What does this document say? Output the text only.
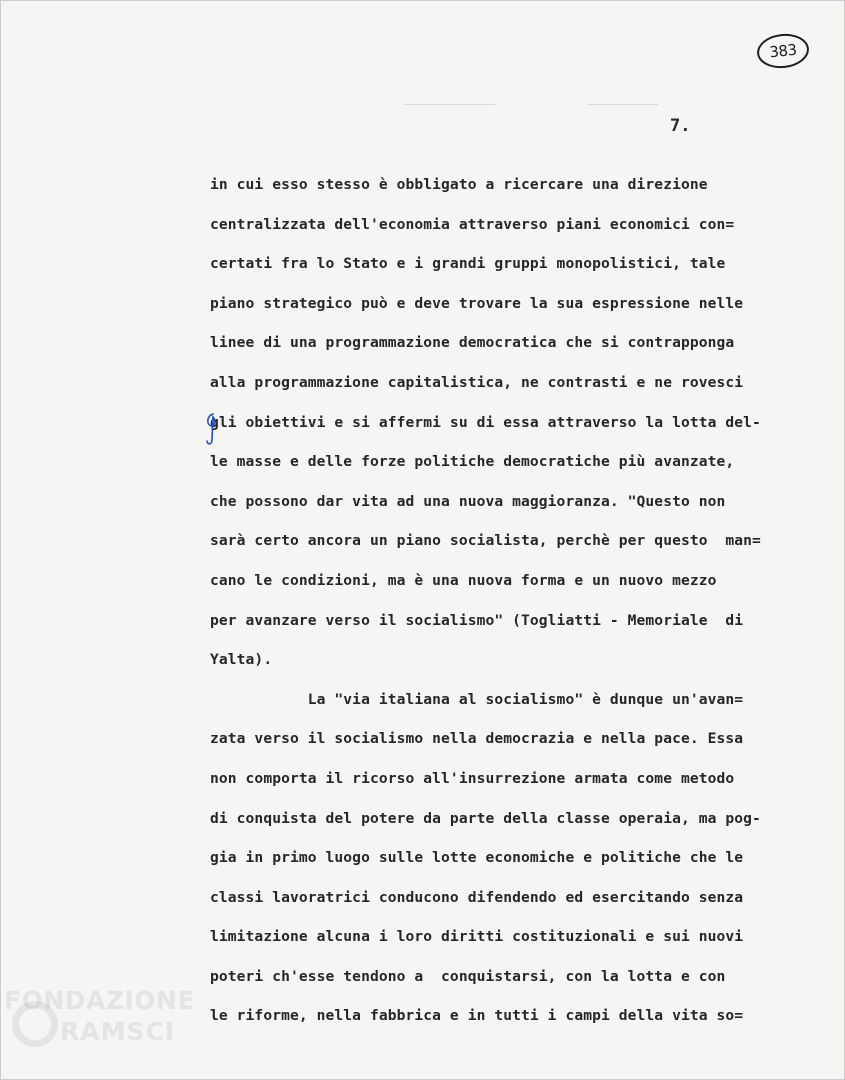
383
7.
in cui esso stesso è obbligato a ricercare una direzione
centralizzata dell'economia attraverso piani economici con=
certati fra lo Stato e i grandi gruppi monopolistici, tale
piano strategico può e deve trovare la sua espressione nelle
linee di una programmazione democratica che si contrapponga
alla programmazione capitalistica, ne contrasti e ne rovesci
gli obiettivi e si affermi su di essa attraverso la lotta del-
le masse e delle forze politiche democratiche più avanzate,
che possono dar vita ad una nuova maggioranza. "Questo non
sarà certo ancora un piano socialista, perchè per questo  man=
cano le condizioni, ma è una nuova forma e un nuovo mezzo
per avanzare verso il socialismo" (Togliatti - Memoriale  di
Yalta).
La "via italiana al socialismo" è dunque un'avan=
zata verso il socialismo nella democrazia e nella pace. Essa
non comporta il ricorso all'insurrezione armata come metodo
di conquista del potere da parte della classe operaia, ma pog-
gia in primo luogo sulle lotte economiche e politiche che le
classi lavoratrici conducono difendendo ed esercitando senza
limitazione alcuna i loro diritti costituzionali e sui nuovi
poteri ch'esse tendono a  conquistarsi, con la lotta e con
le riforme, nella fabbrica e in tutti i campi della vita so=
FONDAZIONE
RAMSCI
